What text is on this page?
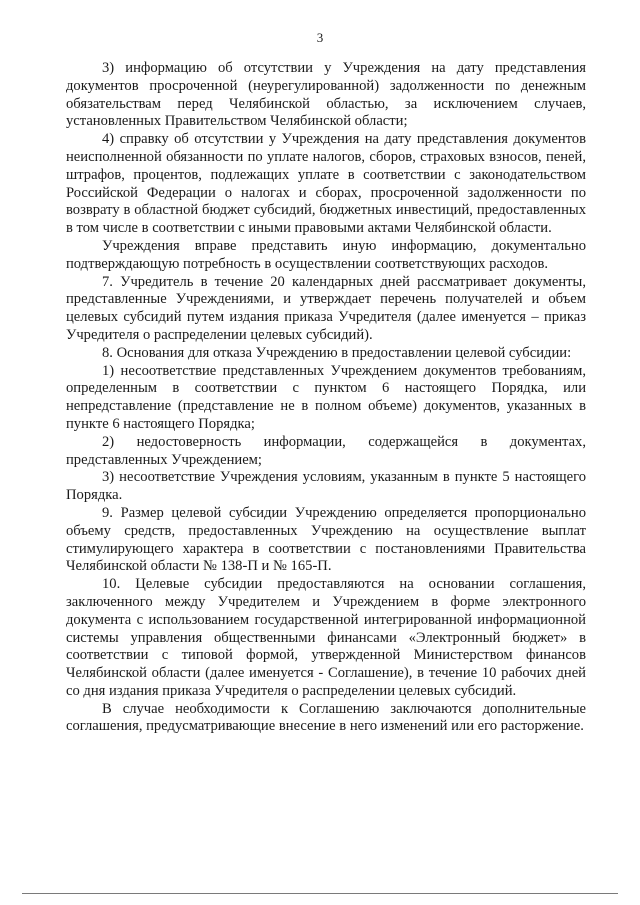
3

3) информацию об отсутствии у Учреждения на дату представления документов просроченной (неурегулированной) задолженности по денежным обязательствам перед Челябинской областью, за исключением случаев, установленных Правительством Челябинской области;

4) справку об отсутствии у Учреждения на дату представления документов неисполненной обязанности по уплате налогов, сборов, страховых взносов, пеней, штрафов, процентов, подлежащих уплате в соответствии с законодательством Российской Федерации о налогах и сборах, просроченной задолженности по возврату в областной бюджет субсидий, бюджетных инвестиций, предоставленных в том числе в соответствии с иными правовыми актами Челябинской области.

Учреждения вправе представить иную информацию, документально подтверждающую потребность в осуществлении соответствующих расходов.

7. Учредитель в течение 20 календарных дней рассматривает документы, представленные Учреждениями, и утверждает перечень получателей и объем целевых субсидий путем издания приказа Учредителя (далее именуется – приказ Учредителя о распределении целевых субсидий).

8. Основания для отказа Учреждению в предоставлении целевой субсидии:

1) несоответствие представленных Учреждением документов требованиям, определенным в соответствии с пунктом 6 настоящего Порядка, или непредставление (представление не в полном объеме) документов, указанных в пункте 6 настоящего Порядка;

2) недостоверность информации, содержащейся в документах, представленных Учреждением;

3) несоответствие Учреждения условиям, указанным в пункте 5 настоящего Порядка.

9. Размер целевой субсидии Учреждению определяется пропорционально объему средств, предоставленных Учреждению на осуществление выплат стимулирующего характера в соответствии с постановлениями Правительства Челябинской области № 138-П и № 165-П.

10. Целевые субсидии предоставляются на основании соглашения, заключенного между Учредителем и Учреждением в форме электронного документа с использованием государственной интегрированной информационной системы управления общественными финансами «Электронный бюджет» в соответствии с типовой формой, утвержденной Министерством финансов Челябинской области (далее именуется - Соглашение), в течение 10 рабочих дней со дня издания приказа Учредителя о распределении целевых субсидий.

В случае необходимости к Соглашению заключаются дополнительные соглашения, предусматривающие внесение в него изменений или его расторжение.
